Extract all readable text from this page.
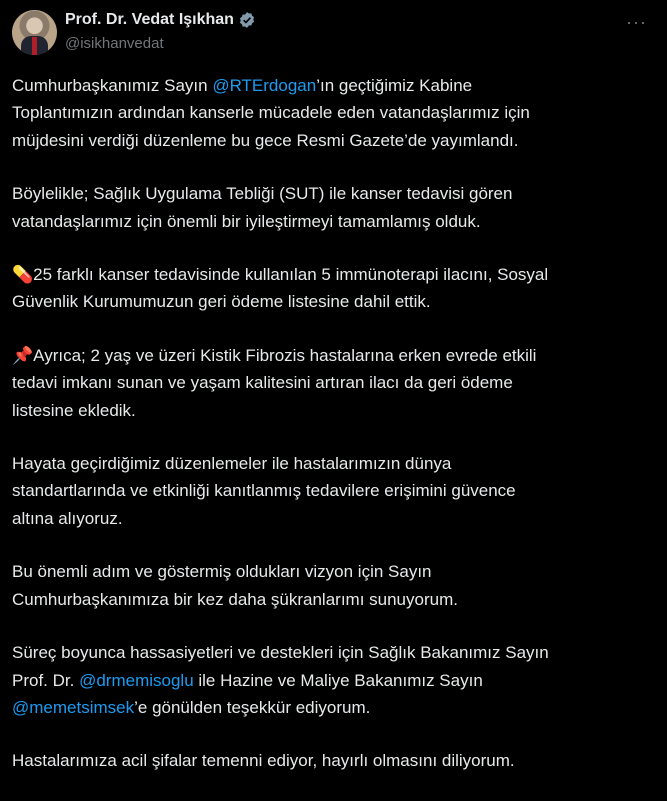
Prof. Dr. Vedat Işıkhan
@isikhanvedat
···
Cumhurbaşkanımız Sayın @RTErdogan’ın geçtiğimiz Kabine
Toplantımızın ardından kanserle mücadele eden vatandaşlarımız için
müjdesini verdiği düzenleme bu gece Resmi Gazete’de yayımlandı.
Böylelikle; Sağlık Uygulama Tebliği (SUT) ile kanser tedavisi gören
vatandaşlarımız için önemli bir iyileştirmeyi tamamlamış olduk.
💊25 farklı kanser tedavisinde kullanılan 5 immünoterapi ilacını, Sosyal
Güvenlik Kurumumuzun geri ödeme listesine dahil ettik.
📌Ayrıca; 2 yaş ve üzeri Kistik Fibrozis hastalarına erken evrede etkili
tedavi imkanı sunan ve yaşam kalitesini artıran ilacı da geri ödeme
listesine ekledik.
Hayata geçirdiğimiz düzenlemeler ile hastalarımızın dünya
standartlarında ve etkinliği kanıtlanmış tedavilere erişimini güvence
altına alıyoruz.
Bu önemli adım ve göstermiş oldukları vizyon için Sayın
Cumhurbaşkanımıza bir kez daha şükranlarımı sunuyorum.
Süreç boyunca hassasiyetleri ve destekleri için Sağlık Bakanımız Sayın
Prof. Dr. @drmemisoglu ile Hazine ve Maliye Bakanımız Sayın
@memetsimsek’e gönülden teşekkür ediyorum.
Hastalarımıza acil şifalar temenni ediyor, hayırlı olmasını diliyorum.
